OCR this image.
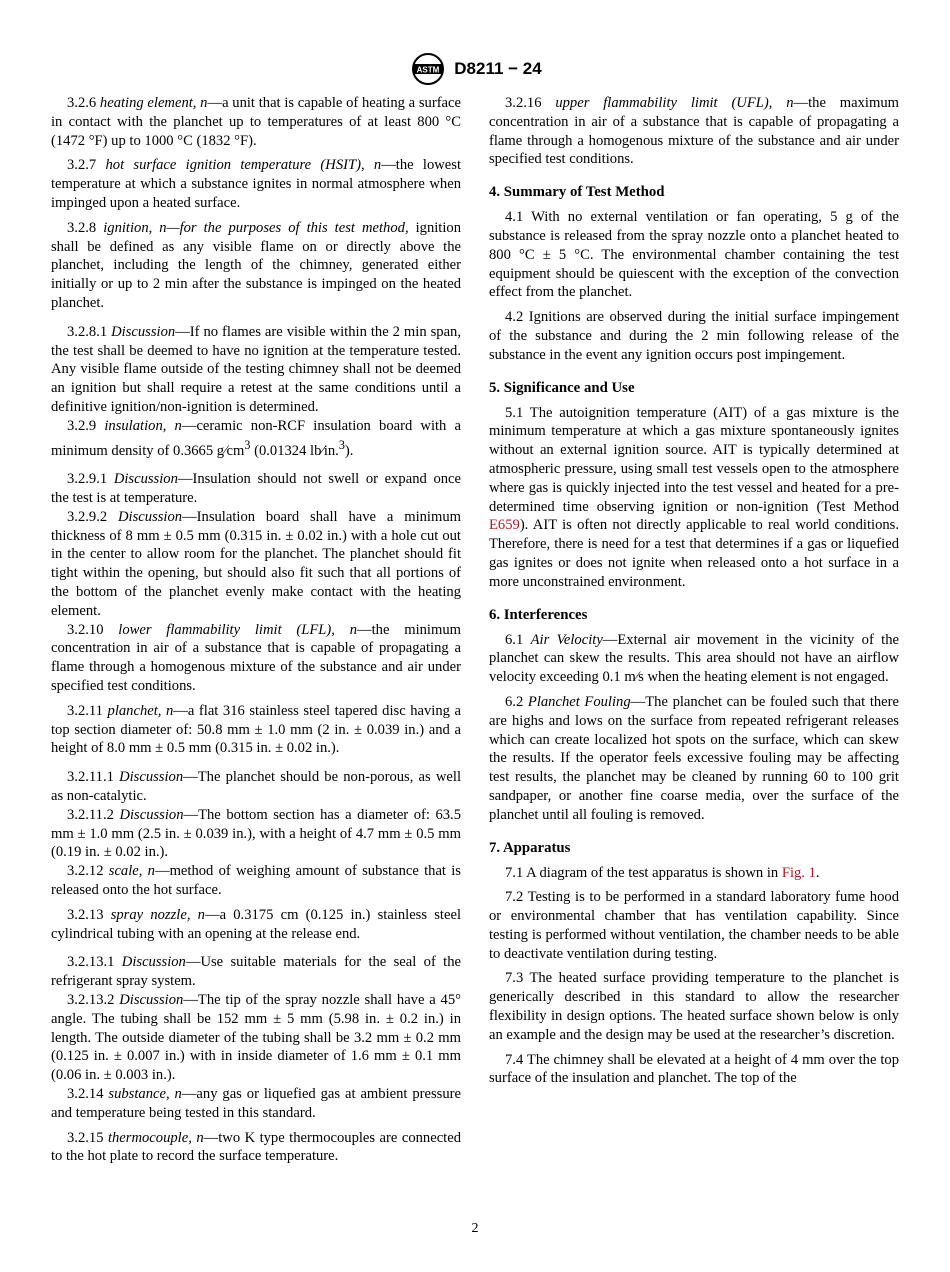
ASTM D8211 − 24

3.2.6 heating element, n—a unit that is capable of heating a surface in contact with the planchet up to temperatures of at least 800 °C (1472 °F) up to 1000 °C (1832 °F).

3.2.7 hot surface ignition temperature (HSIT), n—the lowest temperature at which a substance ignites in normal atmosphere when impinged upon a heated surface.

3.2.8 ignition, n—for the purposes of this test method, ignition shall be defined as any visible flame on or directly above the planchet, including the length of the chimney, generated either initially or up to 2 min after the substance is impinged on the heated planchet.

3.2.8.1 Discussion—If no flames are visible within the 2 min span, the test shall be deemed to have no ignition at the temperature tested. Any visible flame outside of the testing chimney shall not be deemed an ignition but shall require a retest at the same conditions until a definitive ignition/non-ignition is determined.

3.2.9 insulation, n—ceramic non-RCF insulation board with a minimum density of 0.3665 $g⁄cm^3$ (0.01324 lb⁄in.$^3$).

3.2.9.1 Discussion—Insulation should not swell or expand once the test is at temperature.

3.2.9.2 Discussion—Insulation board shall have a minimum thickness of 8 mm ± 0.5 mm (0.315 in. ± 0.02 in.) with a hole cut out in the center to allow room for the planchet. The planchet should fit tight within the opening, but should also fit such that all portions of the bottom of the planchet evenly make contact with the heating element.

3.2.10 lower flammability limit (LFL), n—the minimum concentration in air of a substance that is capable of propagating a flame through a homogenous mixture of the substance and air under specified test conditions.

3.2.11 planchet, n—a flat 316 stainless steel tapered disc having a top section diameter of: 50.8 mm ± 1.0 mm (2 in. ± 0.039 in.) and a height of 8.0 mm ± 0.5 mm (0.315 in. ± 0.02 in.).

3.2.11.1 Discussion—The planchet should be non-porous, as well as non-catalytic.

3.2.11.2 Discussion—The bottom section has a diameter of: 63.5 mm ± 1.0 mm (2.5 in. ± 0.039 in.), with a height of 4.7 mm ± 0.5 mm (0.19 in. ± 0.02 in.).

3.2.12 scale, n—method of weighing amount of substance that is released onto the hot surface.

3.2.13 spray nozzle, n—a 0.3175 cm (0.125 in.) stainless steel cylindrical tubing with an opening at the release end.

3.2.13.1 Discussion—Use suitable materials for the seal of the refrigerant spray system.

3.2.13.2 Discussion—The tip of the spray nozzle shall have a 45° angle. The tubing shall be 152 mm ± 5 mm (5.98 in. ± 0.2 in.) in length. The outside diameter of the tubing shall be 3.2 mm ± 0.2 mm (0.125 in. ± 0.007 in.) with in inside diameter of 1.6 mm ± 0.1 mm (0.06 in. ± 0.003 in.).

3.2.14 substance, n—any gas or liquefied gas at ambient pressure and temperature being tested in this standard.

3.2.15 thermocouple, n—two K type thermocouples are connected to the hot plate to record the surface temperature.

3.2.16 upper flammability limit (UFL), n—the maximum concentration in air of a substance that is capable of propagating a flame through a homogenous mixture of the substance and air under specified test conditions.

4. Summary of Test Method

4.1 With no external ventilation or fan operating, 5 g of the substance is released from the spray nozzle onto a planchet heated to 800 °C ± 5 °C. The environmental chamber containing the test equipment should be quiescent with the exception of the convection effect from the planchet.

4.2 Ignitions are observed during the initial surface impingement of the substance and during the 2 min following release of the substance in the event any ignition occurs post impingement.

5. Significance and Use

5.1 The autoignition temperature (AIT) of a gas mixture is the minimum temperature at which a gas mixture spontaneously ignites without an external ignition source. AIT is typically determined at atmospheric pressure, using small test vessels open to the atmosphere where gas is quickly injected into the test vessel and heated for a pre-determined time observing ignition or non-ignition (Test Method E659). AIT is often not directly applicable to real world conditions. Therefore, there is need for a test that determines if a gas or liquefied gas ignites or does not ignite when released onto a hot surface in a more unconstrained environment.

6. Interferences

6.1 Air Velocity—External air movement in the vicinity of the planchet can skew the results. This area should not have an airflow velocity exceeding 0.1 m⁄s when the heating element is not engaged.

6.2 Planchet Fouling—The planchet can be fouled such that there are highs and lows on the surface from repeated refrigerant releases which can create localized hot spots on the surface, which can skew the results. If the operator feels excessive fouling may be affecting test results, the planchet may be cleaned by running 60 to 100 grit sandpaper, or another fine coarse media, over the surface of the planchet until all fouling is removed.

7. Apparatus

7.1 A diagram of the test apparatus is shown in Fig. 1.

7.2 Testing is to be performed in a standard laboratory fume hood or environmental chamber that has ventilation capability. Since testing is performed without ventilation, the chamber needs to be able to deactivate ventilation during testing.

7.3 The heated surface providing temperature to the planchet is generically described in this standard to allow the researcher flexibility in design options. The heated surface shown below is only an example and the design may be used at the researcher’s discretion.

7.4 The chimney shall be elevated at a height of 4 mm over the top surface of the insulation and planchet. The top of the

2
